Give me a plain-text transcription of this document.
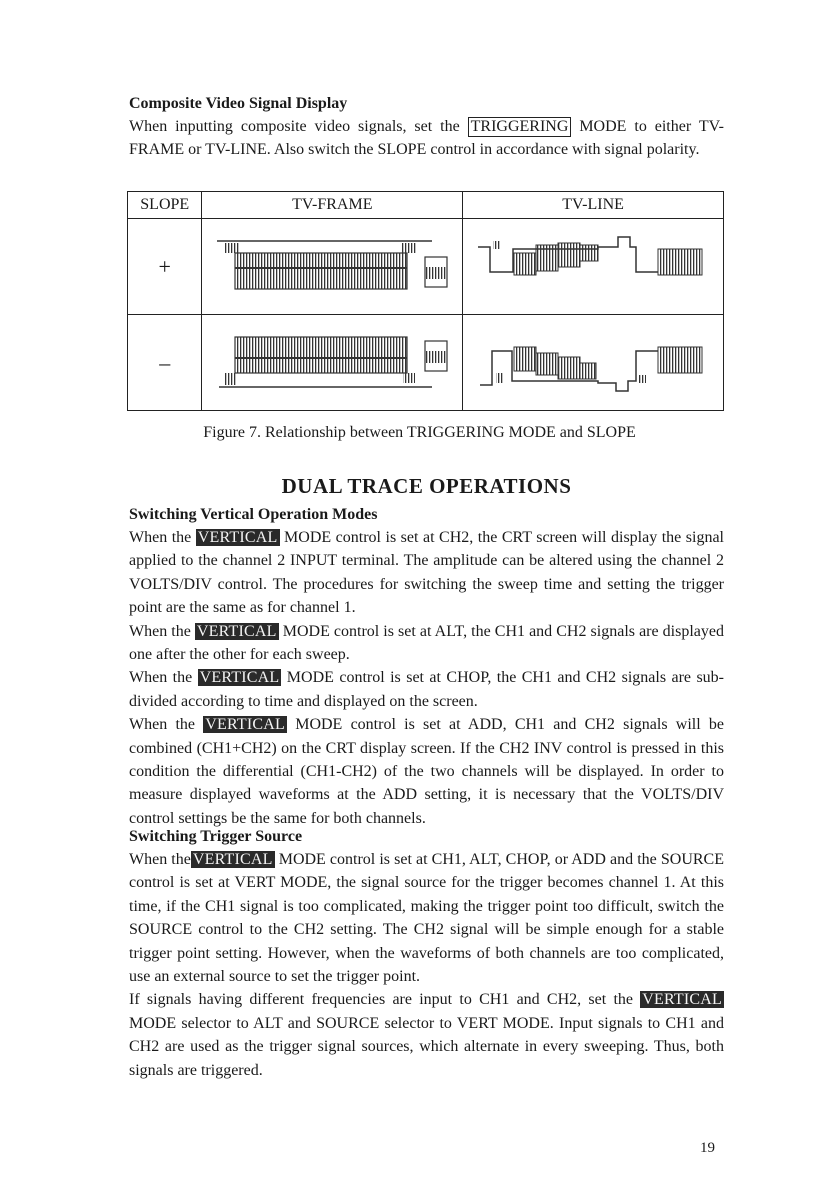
Composite Video Signal Display

When inputting composite video signals, set the TRIGGERING MODE to either TV-FRAME or TV-LINE. Also switch the SLOPE control in accordance with signal polarity.

SLOPE	TV-FRAME	TV-LINE
+	

–	

Figure 7. Relationship between TRIGGERING MODE and SLOPE
DUAL TRACE OPERATIONS

Switching Vertical Operation Modes

When the VERTICAL MODE control is set at CH2, the CRT screen will display the signal applied to the channel 2 INPUT terminal. The amplitude can be altered using the channel 2 VOLTS/DIV control. The procedures for switching the sweep time and setting the trigger point are the same as for channel 1.

When the VERTICAL MODE control is set at ALT, the CH1 and CH2 signals are displayed one after the other for each sweep.

When the VERTICAL MODE control is set at CHOP, the CH1 and CH2 signals are sub-divided according to time and displayed on the screen.

When the VERTICAL MODE control is set at ADD, CH1 and CH2 signals will be combined (CH1+CH2) on the CRT display screen. If the CH2 INV control is pressed in this condition the differential (CH1-CH2) of the two channels will be displayed. In order to measure displayed waveforms at the ADD setting, it is necessary that the VOLTS/DIV control settings be the same for both channels.

Switching Trigger Source

When the VERTICAL MODE control is set at CH1, ALT, CHOP, or ADD and the SOURCE control is set at VERT MODE, the signal source for the trigger becomes channel 1. At this time, if the CH1 signal is too complicated, making the trigger point too difficult, switch the SOURCE control to the CH2 setting. The CH2 signal will be simple enough for a stable trigger point setting. However, when the waveforms of both channels are too complicated, use an external source to set the trigger point.

If signals having different frequencies are input to CH1 and CH2, set the VERTICAL MODE selector to ALT and SOURCE selector to VERT MODE. Input signals to CH1 and CH2 are used as the trigger signal sources, which alternate in every sweeping. Thus, both signals are triggered.

19
